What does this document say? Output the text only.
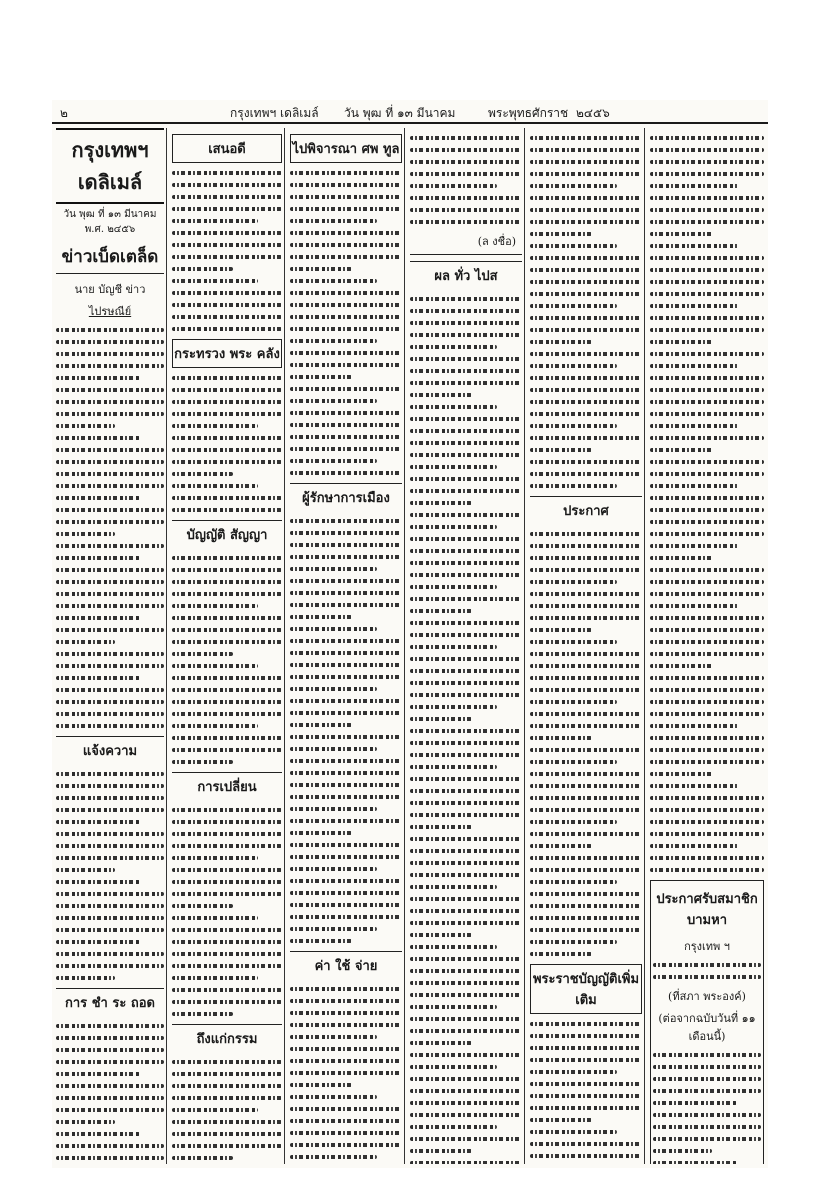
๒	กรุงเทพฯ เดลิเมล์ วัน พุฒ ที่ ๑๓ มีนาคม	พระพุทธศักราช ๒๔๕๖
กรุงเทพฯ เดลิเมล์
วัน พุฒ ที่ ๑๓ มีนาคม พ.ศ. ๒๔๕๖
ข่าวเบ็ดเตล็ด
นาย บัญชี ข่าว
ไปรษณีย์
แจ้งความ
การ ชำ ระ ถอด
เสนอดี
กระทรวง พระ คลัง
บัญญัติ สัญญา
การเปลี่ยน
ถึงแก่กรรม
ไปพิจารณา ศพ ทูล
ผู้รักษาการเมือง
ค่า ใช้ จ่าย
(ล งชื่อ)
ผล ทั่ว ไปส
ประกาศ
พระราชบัญญัติเพิ่มเติม
ประกาศรับสมาชิก บามหา
กรุงเทพ ฯ
(ที่สภา พระองค์)
(ต่อจากฉบับวันที่ ๑๑ เดือนนี้)
